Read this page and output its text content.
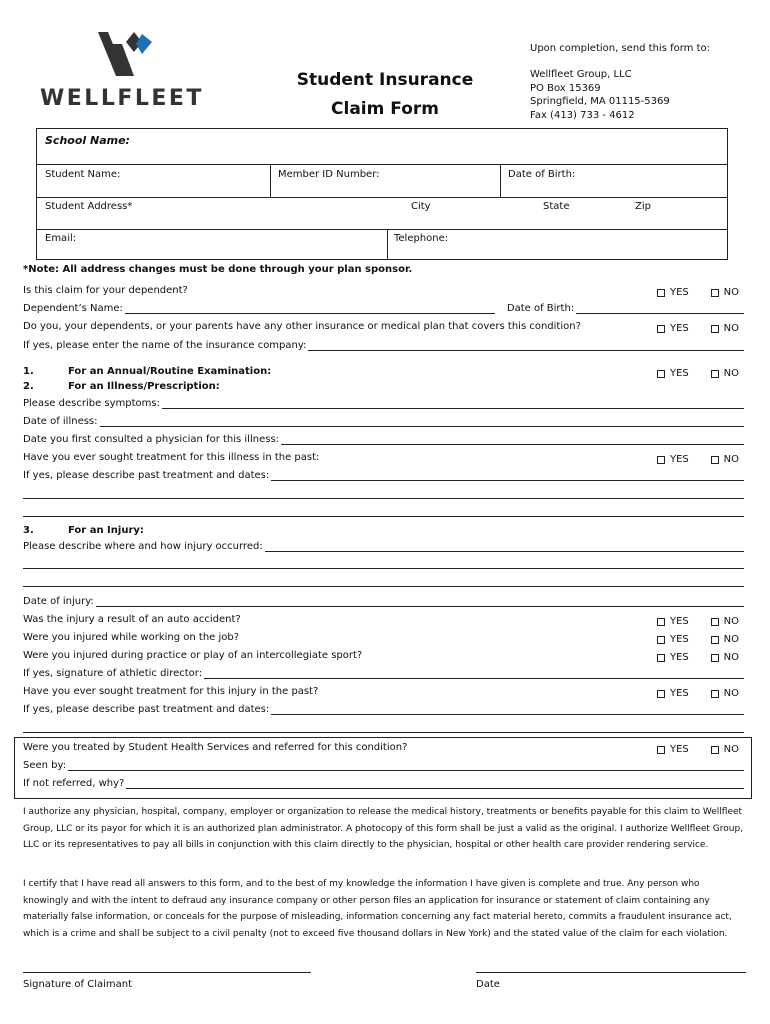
WELLFLEET
Student Insurance
Claim Form
Upon completion, send this form to:
Wellfleet Group, LLC
PO Box 15369
Springfield, MA 01115-5369
Fax (413) 733 - 4612
School Name:
Student Name:	Member ID Number:	Date of Birth:
Student Address*	City	State	Zip
Email:	Telephone:
*Note: All address changes must be done through your plan sponsor.
Is this claim for your dependent?	YES	NO
Dependent’s Name:	Date of Birth:
Do you, your dependents, or your parents have any other insurance or medical plan that covers this condition?	YES	NO
If yes, please enter the name of the insurance company:
1.	For an Annual/Routine Examination:	YES	NO
2.	For an Illness/Prescription:
Please describe symptoms:
Date of illness:
Date you first consulted a physician for this illness:
Have you ever sought treatment for this illness in the past:	YES	NO
If yes, please describe past treatment and dates:
3.	For an Injury:
Please describe where and how injury occurred:
Date of injury:
Was the injury a result of an auto accident?	YES	NO
Were you injured while working on the job?	YES	NO
Were you injured during practice or play of an intercollegiate sport?	YES	NO
If yes, signature of athletic director:
Have you ever sought treatment for this injury in the past?	YES	NO
If yes, please describe past treatment and dates:
Were you treated by Student Health Services and referred for this condition?	YES	NO
Seen by:
If not referred, why?
I authorize any physician, hospital, company, employer or organization to release the medical history, treatments or benefits payable for this claim to Wellfleet Group, LLC or its payor for which it is an authorized plan administrator. A photocopy of this form shall be just a valid as the original. I authorize Wellfleet Group, LLC or its representatives to pay all bills in conjunction with this claim directly to the physician, hospital or other health care provider rendering service.
I certify that I have read all answers to this form, and to the best of my knowledge the information I have given is complete and true. Any person who knowingly and with the intent to defraud any insurance company or other person files an application for insurance or statement of claim containing any materially false information, or conceals for the purpose of misleading, information concerning any fact material hereto, commits a fraudulent insurance act, which is a crime and shall be subject to a civil penalty (not to exceed five thousand dollars in New York) and the stated value of the claim for each violation.
Signature of Claimant	Date
